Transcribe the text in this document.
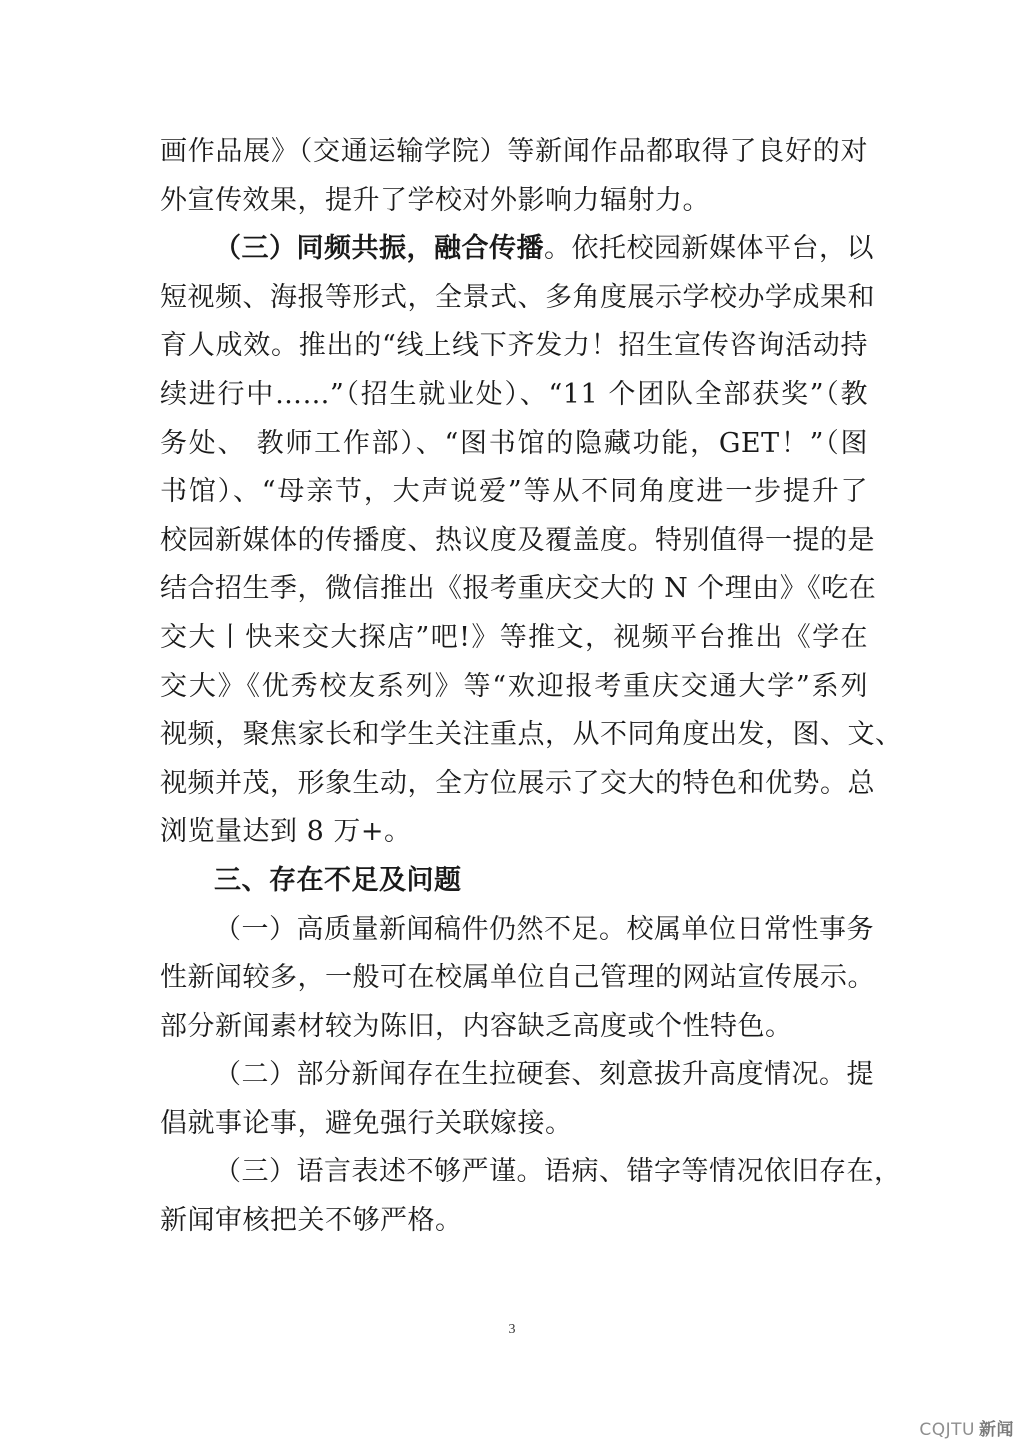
画作品展》（交通运输学院）等新闻作品都取得了良好的对
外宣传效果，提升了学校对外影响力辐射力。
（三）同频共振，融合传播。依托校园新媒体平台，以
短视频、海报等形式，全景式、多角度展示学校办学成果和
育人成效。推出的“线上线下齐发力！招生宣传咨询活动持
续进行中……”（招生就业处）、“11 个团队全部获奖”（教
务处、 教师工作部）、“图书馆的隐藏功能，GET！”（图
书馆）、“母亲节，大声说爱”等从不同角度进一步提升了
校园新媒体的传播度、热议度及覆盖度。特别值得一提的是
结合招生季，微信推出《报考重庆交大的 N 个理由》《吃在
交大丨快来交大探店”吧!》等推文，视频平台推出《学在
交大》《优秀校友系列》等“欢迎报考重庆交通大学”系列
视频，聚焦家长和学生关注重点，从不同角度出发，图、文、
视频并茂，形象生动，全方位展示了交大的特色和优势。总
浏览量达到 8 万+。
三、存在不足及问题
（一）高质量新闻稿件仍然不足。校属单位日常性事务
性新闻较多，一般可在校属单位自己管理的网站宣传展示。
部分新闻素材较为陈旧，内容缺乏高度或个性特色。
（二）部分新闻存在生拉硬套、刻意拔升高度情况。提
倡就事论事，避免强行关联嫁接。
（三）语言表述不够严谨。语病、错字等情况依旧存在，
新闻审核把关不够严格。
3
CQJTU 新闻
